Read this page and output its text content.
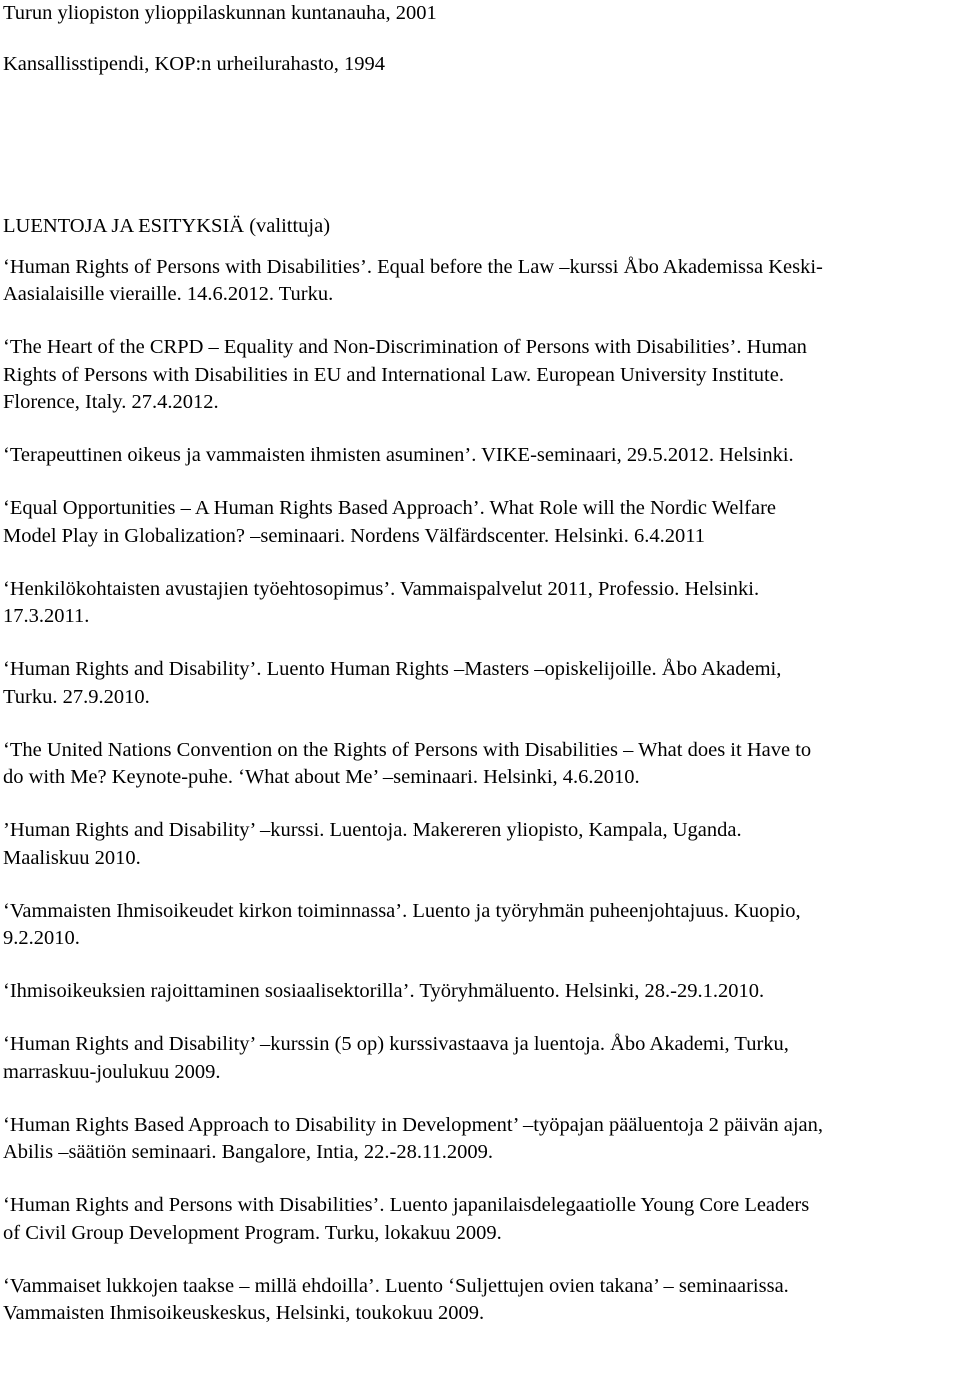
Turun yliopiston ylioppilaskunnan kuntanauha, 2001

Kansallisstipendi, KOP:n urheilurahasto, 1994

LUENTOJA JA ESITYKSIÄ (valittuja)

‘Human Rights of Persons with Disabilities’. Equal before the Law –kurssi Åbo Akademissa Keski-
Aasialaisille vieraille. 14.6.2012. Turku.
‘The Heart of the CRPD – Equality and Non-Discrimination of Persons with Disabilities’. Human
Rights of Persons with Disabilities in EU and International Law. European University Institute.
Florence, Italy. 27.4.2012.
‘Terapeuttinen oikeus ja vammaisten ihmisten asuminen’. VIKE-seminaari, 29.5.2012. Helsinki.
‘Equal Opportunities – A Human Rights Based Approach’. What Role will the Nordic Welfare
Model Play in Globalization? –seminaari. Nordens Välfärdscenter. Helsinki. 6.4.2011
‘Henkilökohtaisten avustajien työehtosopimus’. Vammaispalvelut 2011, Professio. Helsinki.
17.3.2011.
‘Human Rights and Disability’. Luento Human Rights –Masters –opiskelijoille. Åbo Akademi,
Turku. 27.9.2010.
‘The United Nations Convention on the Rights of Persons with Disabilities – What does it Have to
do with Me? Keynote-puhe. ‘What about Me’ –seminaari. Helsinki, 4.6.2010.
’Human Rights and Disability’ –kurssi. Luentoja. Makereren yliopisto, Kampala, Uganda.
Maaliskuu 2010.
‘Vammaisten Ihmisoikeudet kirkon toiminnassa’. Luento ja työryhmän puheenjohtajuus. Kuopio,
9.2.2010.
‘Ihmisoikeuksien rajoittaminen sosiaalisektorilla’. Työryhmäluento. Helsinki, 28.-29.1.2010.
‘Human Rights and Disability’ –kurssin (5 op) kurssivastaava ja luentoja. Åbo Akademi, Turku,
marraskuu-joulukuu 2009.
‘Human Rights Based Approach to Disability in Development’ –työpajan pääluentoja 2 päivän ajan,
Abilis –säätiön seminaari. Bangalore, Intia, 22.-28.11.2009.
‘Human Rights and Persons with Disabilities’. Luento japanilaisdelegaatiolle Young Core Leaders
of Civil Group Development Program. Turku, lokakuu 2009.
‘Vammaiset lukkojen taakse – millä ehdoilla’. Luento ‘Suljettujen ovien takana’ – seminaarissa.
Vammaisten Ihmisoikeuskeskus, Helsinki, toukokuu 2009.
